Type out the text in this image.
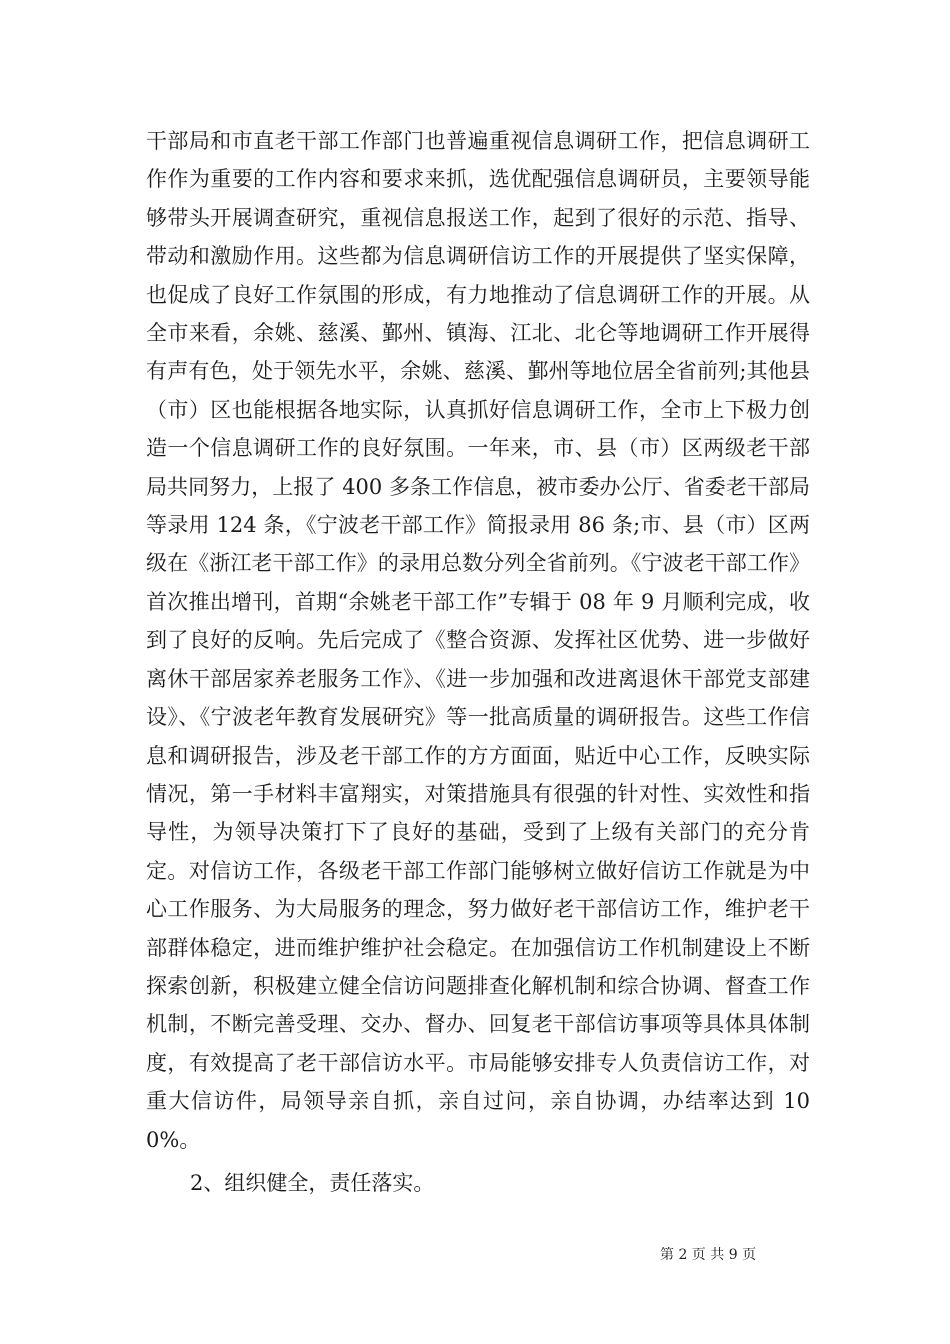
干部局和市直老干部工作部门也普遍重视信息调研工作，把信息调研工作作为重要的工作内容和要求来抓，选优配强信息调研员，主要领导能够带头开展调查研究，重视信息报送工作，起到了很好的示范、指导、带动和激励作用。这些都为信息调研信访工作的开展提供了坚实保障，也促成了良好工作氛围的形成，有力地推动了信息调研工作的开展。从全市来看，余姚、慈溪、鄞州、镇海、江北、北仑等地调研工作开展得有声有色，处于领先水平，余姚、慈溪、鄞州等地位居全省前列;其他县（市）区也能根据各地实际，认真抓好信息调研工作，全市上下极力创造一个信息调研工作的良好氛围。一年来，市、县（市）区两级老干部局共同努力，上报了 400 多条工作信息，被市委办公厅、省委老干部局等录用 124 条，《宁波老干部工作》简报录用 86 条;市、县（市）区两级在《浙江老干部工作》的录用总数分列全省前列。《宁波老干部工作》首次推出增刊，首期“余姚老干部工作”专辑于 08 年 9 月顺利完成，收到了良好的反响。先后完成了《整合资源、发挥社区优势、进一步做好离休干部居家养老服务工作》、《进一步加强和改进离退休干部党支部建设》、《宁波老年教育发展研究》等一批高质量的调研报告。这些工作信息和调研报告，涉及老干部工作的方方面面，贴近中心工作，反映实际情况，第一手材料丰富翔实，对策措施具有很强的针对性、实效性和指导性，为领导决策打下了良好的基础，受到了上级有关部门的充分肯定。对信访工作，各级老干部工作部门能够树立做好信访工作就是为中心工作服务、为大局服务的理念，努力做好老干部信访工作，维护老干部群体稳定，进而维护维护社会稳定。在加强信访工作机制建设上不断探索创新，积极建立健全信访问题排查化解机制和综合协调、督查工作机制，不断完善受理、交办、督办、回复老干部信访事项等具体具体制度，有效提高了老干部信访水平。市局能够安排专人负责信访工作，对重大信访件，局领导亲自抓，亲自过问，亲自协调，办结率达到 100%。

2、组织健全，责任落实。

第 2 页 共 9 页
